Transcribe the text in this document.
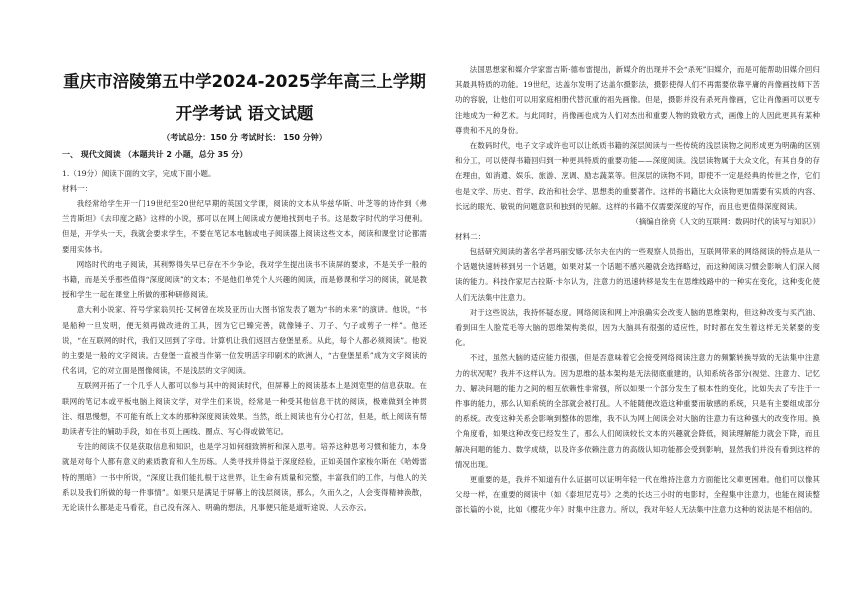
重庆市涪陵第五中学2024-2025学年高三上学期
开学考试 语文试题
（考试总分：150 分 考试时长： 150 分钟）
一、 现代文阅读 （本题共计 2 小题，总分 35 分）
1.（19分）阅读下面的文字，完成下面小题。
材料一：

我经常给学生开一门19世纪至20世纪早期的英国文学课，阅读的文本从华兹华斯、叶芝等的诗作到《弗兰肯斯坦》《去印度之路》这样的小说，那可以在网上阅读或方便地找到电子书。这是数字时代的学习便利。但是，开学头一天，我就会要求学生，不要在笔记本电脑或电子阅读器上阅读这些文本，阅读和课堂讨论都需要用实体书。

网络时代的电子阅读，其利弊得失早已存在不少争论，我对学生提出读书不读屏的要求，不是关乎一般的书籍，而是关乎那些值得“深度阅读”的文本；不是他们单凭个人兴趣的阅读，而是修课和学习的阅读，就是教授和学生一起在课堂上所做的那种研修阅读。

意大利小说家、符号学家翁贝托·艾柯曾在埃及亚历山大图书馆发表了题为“书的未来”的演讲。他说，“书是船种一旦发明，便无须再做改进的工具，因为它已臻完善，就像锤子、刀子、勺子或剪子一样”。他还说，“在互联网的时代，我们又回到了字母。计算机让我们返回古登堡星系。从此，每个人都必须阅读”。他说的主要是一般的文字阅读。古登堡一直被当作第一位发明活字印刷术的欧洲人，“古登堡星系”成为文字阅读的代名词，它的对立面是图像阅读，不是浅层的文字阅读。

互联网开拓了一个几乎人人都可以参与其中的阅读时代，但屏幕上的阅读基本上是浏览型的信息获取。在联网的笔记本或平板电脑上阅读文学，对学生们来说，经常是一种受其他信息干扰的阅读，极难做到全神贯注、细思慢想，不可能有纸上文本的那种深度阅读效果。当然，纸上阅读也有分心打岔，但是，纸上阅读有帮助读者专注的辅助手段，如在书页上画线、圈点、写心得或做笔记。

专注的阅读不仅是获取信息和知识，也是学习如何细致辨析和深入思考。培养这种思考习惯和能力，本身就是对每个人都有意义的素质教育和人生历练。人类寻找并得益于深度经验，正如美国作家梭尔斯在《哈姆雷特的黑暗》一书中所说，“深度让我们能扎根于这世界，让生命有质量和完整，丰富我们的工作，与他人的关系以及我们所做的每一件事情”。如果只是满足于屏幕上的浅层阅读，那么，久而久之，人会变得精神涣散，无论读什么都是走马看花，自己没有深入、明确的想法，凡事便只能是道听途说、人云亦云。

法国思想家和媒介学家雷吉斯·德布雷提出，新媒介的出现并不会“杀死”旧媒介，而是可能帮助旧媒介回归其最具特质的功能。19世纪，达盖尔发明了达盖尔摄影法，摄影使得人们不再需要依靠平庸的肖像画技师下苦功的容貌，让他们可以用家庭相册代替沉重的祖先画像。但是，摄影并没有杀死肖像画，它让肖像画可以更专注地成为一种艺术。与此同时，肖像画也成为人们对杰出和重要人物的致敬方式，画像上的人因此更具有某种尊贵和不凡的身份。

在数码时代，电子文字或许也可以让纸质书籍的深层阅读与一些传统的浅层读物之间形成更为明确的区别和分工，可以使得书籍回归到一种更具特质的重要功能——深度阅读。浅层读物属于大众文化，有其自身的存在理由，如消遣、娱乐、旅游、烹调、励志蔬菜等。但深层的读物不同，即使不一定是经典的传世之作，它们也是文学、历史、哲学、政治和社会学、思想类的重要著作。这样的书籍比大众读物更加需要有实质的内容、长远的眼光、敏锐的问题意识和独到的见解。这样的书籍不仅需要深度的写作，而且也更值得深度阅读。

（摘编自徐贲《人文的互联网：数码时代的读写与知识》）

材料二：

包括研究阅读的著名学者玛丽安娜·沃尔夫在内的一些观察人员指出，互联网带来的网络阅读的特点是从一个话题快速转移到另一个话题，如果对某一个话题不感兴趣就会选择略过，而这种阅读习惯会影响人们深入阅读的能力。科技作家尼古拉斯·卡尔认为，注意力的迅速转移是发生在思维线路中的一种实在变化，这种变化使人们无法集中注意力。

对于这些说法，我持怀疑态度。网络阅读和网上冲浪确实会改变人脑的思维架构，但这种改变与买汽油、看到田生人脸荒毛等大脑的思维架构类似，因为大脑具有很强的适应性，时时都在发生着这样无关紧要的变化。

不过，虽然大脑的适应能力很强，但是否意味着它会接受网络阅读注意力的频繁转换导致的无法集中注意力的状况呢？我并不这样认为。因为思维的基本架构是无法彻底重建的，认知系统各部分(视觉、注意力、记忆力、解决问题的能力之间的相互依赖性非常强，所以如果一个部分发生了根本性的变化，比如失去了专注于一件事的能力，那么认知系统的全部就会被打乱。人不能随便改造这种重要而敏感的系统，只是有主要组成部分的系统。改变这种关系会影响到整体的思维，我不认为网上阅读会对大脑的注意力有这种强大的改变作用。换个角度看，如果这种改变已经发生了，那么人们阅读较长文本的兴趣就会降低，阅读理解能力就会下降，而且解决问题的能力、数学成绩，以及许多依赖注意力的高级认知功能都会受到影响，显然我们并没有看到这样的情况出现。

更重要的是，我并不知道有什么证据可以证明年轻一代在维持注意力方面能比父辈更困难。他们可以像其父母一样，在重要的阅读中（如《泰坦尼克号》之类的长达三小时的电影时，全程集中注意力，也能在阅读整部长篇的小说，比如《樱花少年》时集中注意力。所以，我对年轻人无法集中注意力这种的说法是不相信的。
